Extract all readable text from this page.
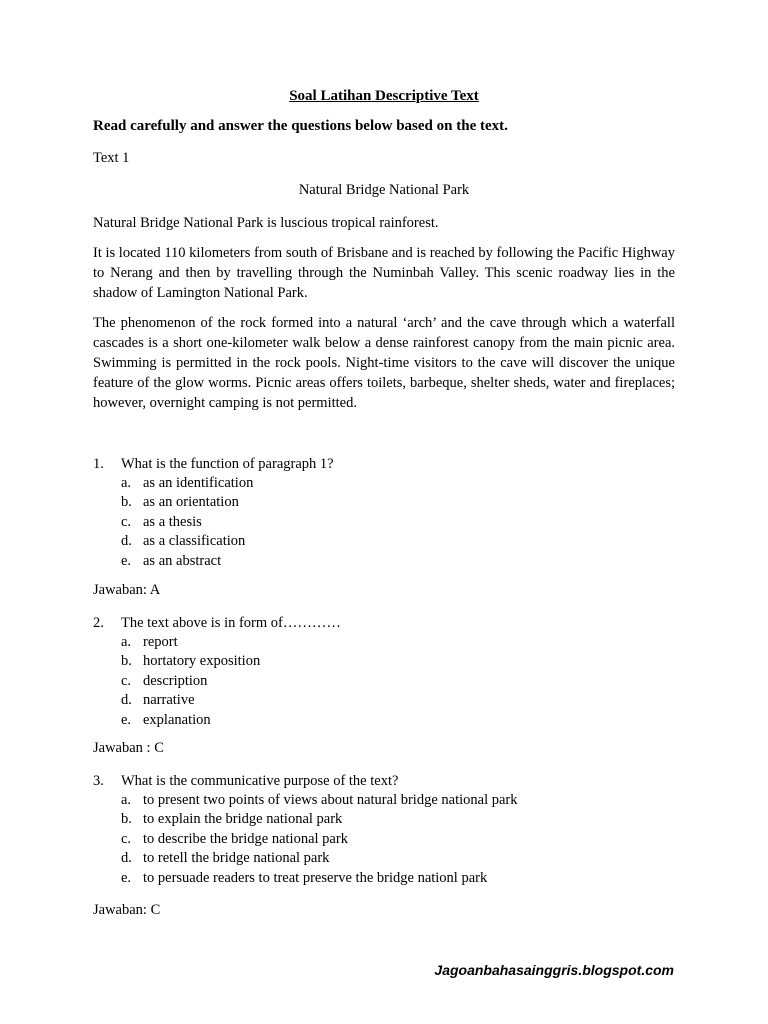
Soal Latihan Descriptive Text
Read carefully and answer the questions below based on the text.
Text 1
Natural Bridge National Park
Natural Bridge National Park is luscious tropical rainforest.
It is located 110 kilometers from south of Brisbane and is reached by following the Pacific Highway to Nerang and then by travelling through the Numinbah Valley. This scenic roadway lies in the shadow of Lamington National Park.
The phenomenon of the rock formed into a natural ‘arch’ and the cave through which a waterfall cascades is a short one-kilometer walk below a dense rainforest canopy from the main picnic area. Swimming is permitted in the rock pools. Night-time visitors to the cave will discover the unique feature of the glow worms. Picnic areas offers toilets, barbeque, shelter sheds, water and fireplaces; however, overnight camping is not permitted.
1. What is the function of paragraph 1?
a. as an identification
b. as an orientation
c. as a thesis
d. as a classification
e. as an abstract
Jawaban: A
2. The text above is in form of…………
a. report
b. hortatory exposition
c. description
d. narrative
e. explanation
Jawaban : C
3. What is the communicative purpose of the text?
a. to present two points of views about natural bridge national park
b. to explain the bridge national park
c. to describe the bridge national park
d. to retell the bridge national park
e. to persuade readers to treat preserve the bridge nationl park
Jawaban: C
Jagoanbahasainggris.blogspot.com
